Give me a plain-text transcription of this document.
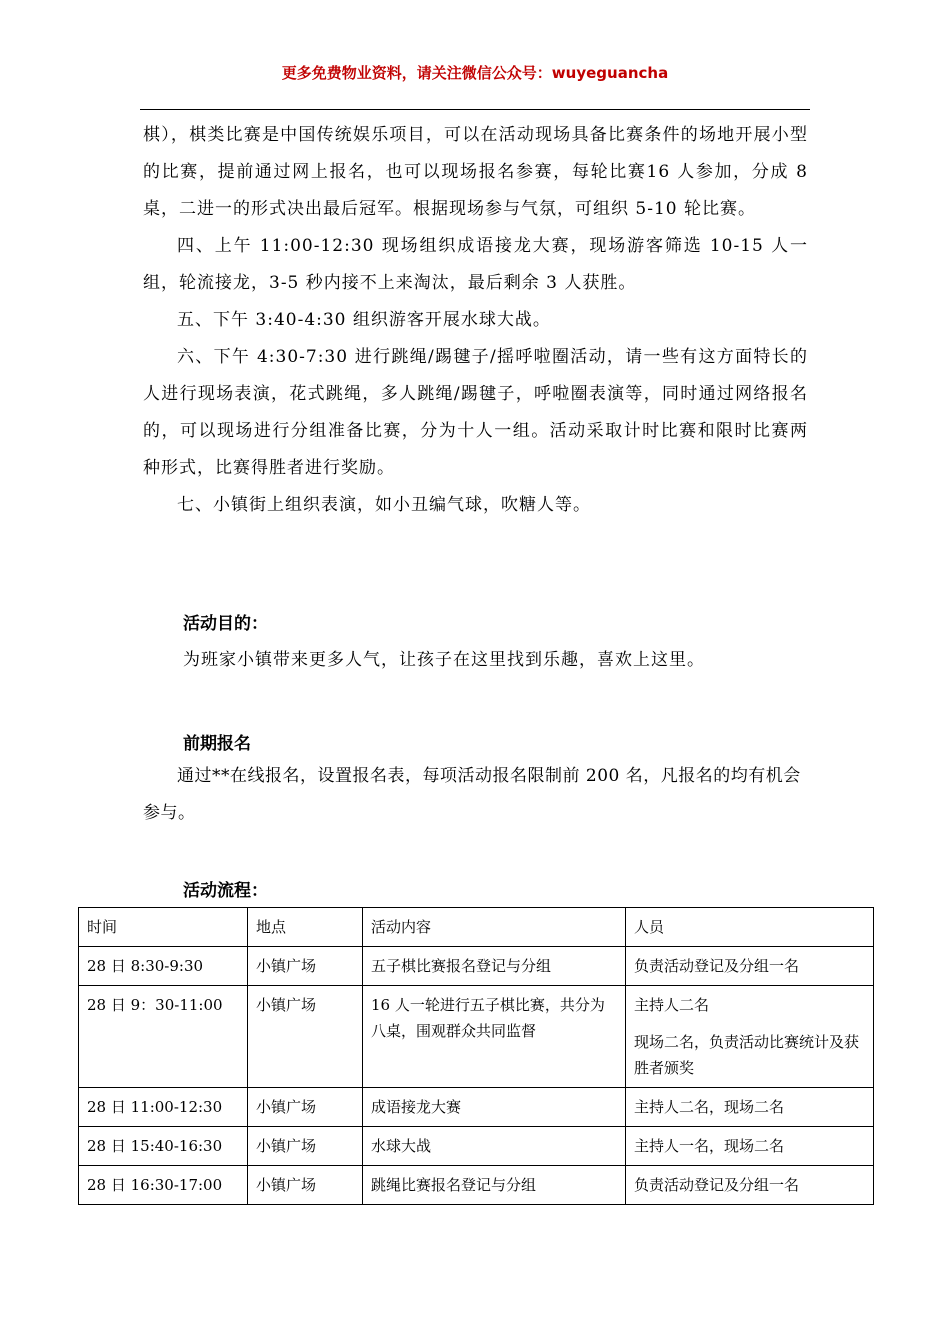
更多免费物业资料，请关注微信公众号：wuyeguancha

棋），棋类比赛是中国传统娱乐项目，可以在活动现场具备比赛条件的场地开展小型的比赛，提前通过网上报名，也可以现场报名参赛，每轮比赛16 人参加，分成 8 桌，二进一的形式决出最后冠军。根据现场参与气氛，可组织 5-10 轮比赛。

四、上午 11:00-12:30 现场组织成语接龙大赛，现场游客筛选 10-15 人一组，轮流接龙，3-5 秒内接不上来淘汰，最后剩余 3 人获胜。

五、下午 3:40-4:30 组织游客开展水球大战。

六、下午 4:30-7:30 进行跳绳/踢毽子/摇呼啦圈活动，请一些有这方面特长的人进行现场表演，花式跳绳，多人跳绳/踢毽子，呼啦圈表演等，同时通过网络报名的，可以现场进行分组准备比赛，分为十人一组。活动采取计时比赛和限时比赛两种形式，比赛得胜者进行奖励。

七、小镇街上组织表演，如小丑编气球，吹糖人等。

活动目的：
为班家小镇带来更多人气，让孩子在这里找到乐趣，喜欢上这里。
前期报名

通过**在线报名，设置报名表，每项活动报名限制前 200 名，凡报名的均有机会参与。

活动流程：
时间	地点	活动内容	人员
28 日 8:30-9:30	小镇广场	五子棋比赛报名登记与分组	负责活动登记及分组一名
28 日 9：30-11:00	小镇广场	16 人一轮进行五子棋比赛，共分为八桌，围观群众共同监督	主持人二名

现场二名，负责活动比赛统计及获胜者颁奖

28 日 11:00-12:30	小镇广场	成语接龙大赛	主持人二名，现场二名
28 日 15:40-16:30	小镇广场	水球大战	主持人一名，现场二名
28 日 16:30-17:00	小镇广场	跳绳比赛报名登记与分组	负责活动登记及分组一名
